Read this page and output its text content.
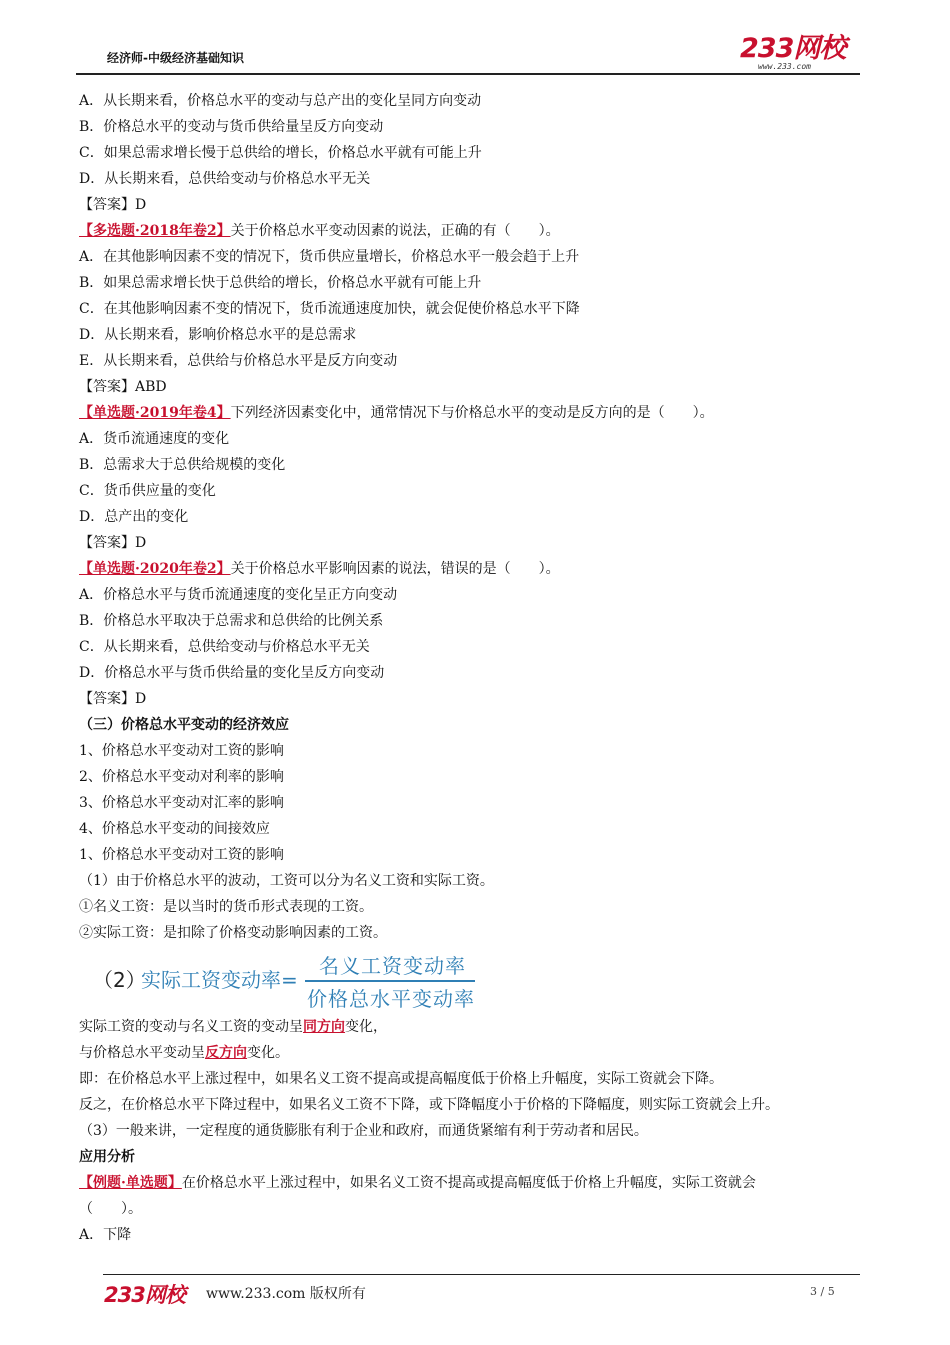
经济师-中级经济基础知识	233网校
www.233.com
A．从长期来看，价格总水平的变动与总产出的变化呈同方向变动
B．价格总水平的变动与货币供给量呈反方向变动
C．如果总需求增长慢于总供给的增长，价格总水平就有可能上升
D．从长期来看，总供给变动与价格总水平无关
【答案】D
【多选题·2018年卷2】关于价格总水平变动因素的说法，正确的有（　　）。
A．在其他影响因素不变的情况下，货币供应量增长，价格总水平一般会趋于上升
B．如果总需求增长快于总供给的增长，价格总水平就有可能上升
C．在其他影响因素不变的情况下，货币流通速度加快，就会促使价格总水平下降
D．从长期来看，影响价格总水平的是总需求
E．从长期来看，总供给与价格总水平是反方向变动
【答案】ABD
【单选题·2019年卷4】下列经济因素变化中，通常情况下与价格总水平的变动是反方向的是（　　）。
A．货币流通速度的变化
B．总需求大于总供给规模的变化
C．货币供应量的变化
D．总产出的变化
【答案】D
【单选题·2020年卷2】关于价格总水平影响因素的说法，错误的是（　　）。
A．价格总水平与货币流通速度的变化呈正方向变动
B．价格总水平取决于总需求和总供给的比例关系
C．从长期来看，总供给变动与价格总水平无关
D．价格总水平与货币供给量的变化呈反方向变动
【答案】D
（三）价格总水平变动的经济效应
1、价格总水平变动对工资的影响
2、价格总水平变动对利率的影响
3、价格总水平变动对汇率的影响
4、价格总水平变动的间接效应
1、价格总水平变动对工资的影响
（1）由于价格总水平的波动，工资可以分为名义工资和实际工资。
①名义工资：是以当时的货币形式表现的工资。
②实际工资：是扣除了价格变动影响因素的工资。
（2）
实际工资变动率=
名义工资变动率
价格总水平变动率
实际工资的变动与名义工资的变动呈同方向变化，
与价格总水平变动呈反方向变化。
即：在价格总水平上涨过程中，如果名义工资不提高或提高幅度低于价格上升幅度，实际工资就会下降。
反之，在价格总水平下降过程中，如果名义工资不下降，或下降幅度小于价格的下降幅度，则实际工资就会上升。
（3）一般来讲，一定程度的通货膨胀有利于企业和政府，而通货紧缩有利于劳动者和居民。
应用分析
【例题·单选题】在价格总水平上涨过程中，如果名义工资不提高或提高幅度低于价格上升幅度，实际工资就会
（　　）。
A．下降
233网校 www.233.com 版权所有	3 / 5
